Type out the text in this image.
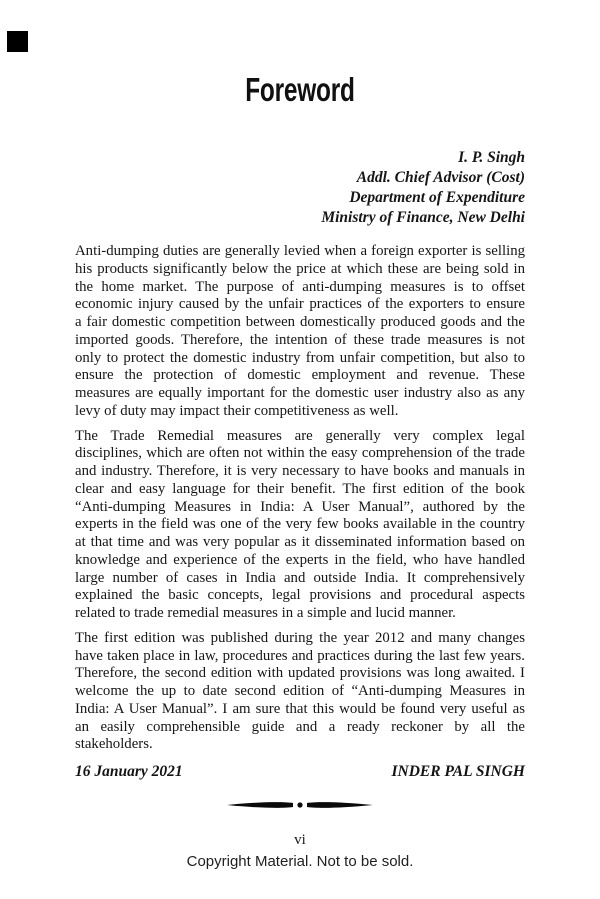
Foreword
I. P. Singh
Addl. Chief Advisor (Cost)
Department of Expenditure
Ministry of Finance, New Delhi
Anti-dumping duties are generally levied when a foreign exporter is selling
his products significantly below the price at which these are being sold in
the home market. The purpose of anti-dumping measures is to offset
economic injury caused by the unfair practices of the exporters to ensure
a fair domestic competition between domestically produced goods and the
imported goods. Therefore, the intention of these trade measures is not
only to protect the domestic industry from unfair competition, but also to
ensure the protection of domestic employment and revenue. These
measures are equally important for the domestic user industry also as any
levy of duty may impact their competitiveness as well.
The Trade Remedial measures are generally very complex legal
disciplines, which are often not within the easy comprehension of the trade
and industry. Therefore, it is very necessary to have books and manuals in
clear and easy language for their benefit. The first edition of the book
“Anti-dumping Measures in India: A User Manual”, authored by the
experts in the field was one of the very few books available in the country
at that time and was very popular as it disseminated information based on
knowledge and experience of the experts in the field, who have handled
large number of cases in India and outside India. It comprehensively
explained the basic concepts, legal provisions and procedural aspects
related to trade remedial measures in a simple and lucid manner.
The first edition was published during the year 2012 and many changes
have taken place in law, procedures and practices during the last few years.
Therefore, the second edition with updated provisions was long awaited. I
welcome the up to date second edition of “Anti-dumping Measures in
India: A User Manual”. I am sure that this would be found very useful as
an easily comprehensible guide and a ready reckoner by all the
stakeholders.
16 January 2021	INDER PAL SINGH
vi
Copyright Material. Not to be sold.
